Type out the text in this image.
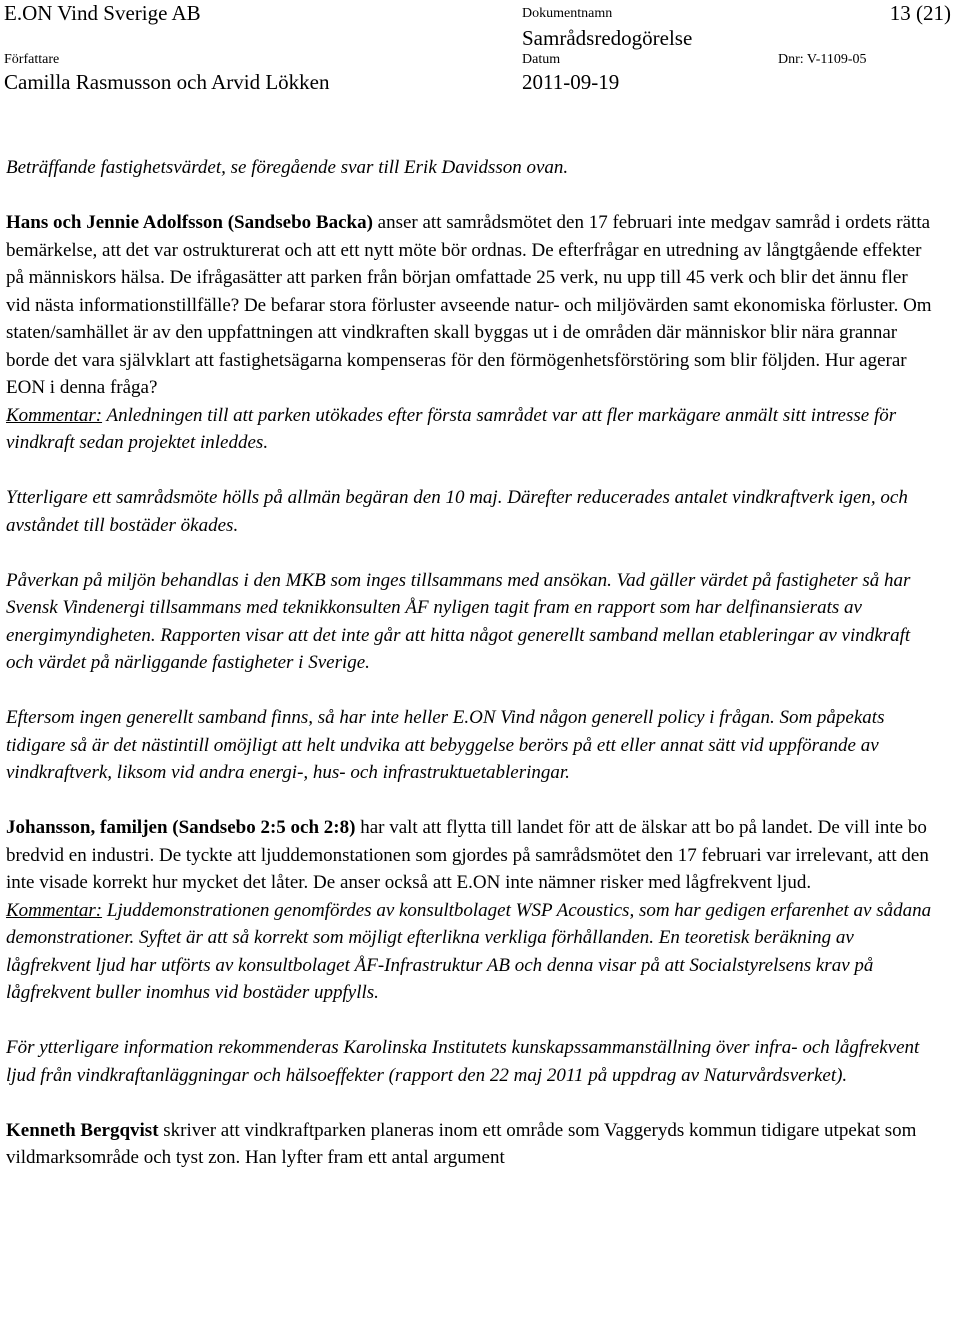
E.ON Vind Sverige AB	Dokumentnamn	13 (21)
Samrådsredogörelse
Författare	Datum	Dnr: V-1109-05
Camilla Rasmusson och Arvid Lökken	2011-09-19

Beträffande fastighetsvärdet, se föregående svar till Erik Davidsson ovan.

Hans och Jennie Adolfsson (Sandsebo Backa) anser att samrådsmötet den 17 februari inte medgav samråd i ordets rätta bemärkelse, att det var ostrukturerat och att ett nytt möte bör ordnas. De efterfrågar en utredning av långtgående effekter på människors hälsa. De ifrågasätter att parken från början omfattade 25 verk, nu upp till 45 verk och blir det ännu fler vid nästa informationstillfälle? De befarar stora förluster avseende natur- och miljövärden samt ekonomiska förluster. Om staten/samhället är av den uppfattningen att vindkraften skall byggas ut i de områden där människor blir nära grannar borde det vara självklart att fastighetsägarna kompenseras för den förmögenhetsförstöring som blir följden. Hur agerar EON i denna fråga?
Kommentar: Anledningen till att parken utökades efter första samrådet var att fler markägare anmält sitt intresse för vindkraft sedan projektet inleddes.

Ytterligare ett samrådsmöte hölls på allmän begäran den 10 maj. Därefter reducerades antalet vindkraftverk igen, och avståndet till bostäder ökades.

Påverkan på miljön behandlas i den MKB som inges tillsammans med ansökan. Vad gäller värdet på fastigheter så har Svensk Vindenergi tillsammans med teknikkonsulten ÅF nyligen tagit fram en rapport som har delfinansierats av energimyndigheten. Rapporten visar att det inte går att hitta något generellt samband mellan etableringar av vindkraft och värdet på närliggande fastigheter i Sverige.

Eftersom ingen generellt samband finns, så har inte heller E.ON Vind någon generell policy i frågan. Som påpekats tidigare så är det nästintill omöjligt att helt undvika att bebyggelse berörs på ett eller annat sätt vid uppförande av vindkraftverk, liksom vid andra energi-, hus- och infrastruktuetableringar.

Johansson, familjen (Sandsebo 2:5 och 2:8) har valt att flytta till landet för att de älskar att bo på landet. De vill inte bo bredvid en industri. De tyckte att ljuddemonstationen som gjordes på samrådsmötet den 17 februari var irrelevant, att den inte visade korrekt hur mycket det låter. De anser också att E.ON inte nämner risker med lågfrekvent ljud.
Kommentar: Ljuddemonstrationen genomfördes av konsultbolaget WSP Acoustics, som har gedigen erfarenhet av sådana demonstrationer. Syftet är att så korrekt som möjligt efterlikna verkliga förhållanden. En teoretisk beräkning av lågfrekvent ljud har utförts av konsultbolaget ÅF-Infrastruktur AB och denna visar på att Socialstyrelsens krav på lågfrekvent buller inomhus vid bostäder uppfylls.

För ytterligare information rekommenderas Karolinska Institutets kunskapssammanställning över infra- och lågfrekvent ljud från vindkraftanläggningar och hälsoeffekter (rapport den 22 maj 2011 på uppdrag av Naturvårdsverket).

Kenneth Bergqvist skriver att vindkraftparken planeras inom ett område som Vaggeryds kommun tidigare utpekat som vildmarksområde och tyst zon. Han lyfter fram ett antal argument
